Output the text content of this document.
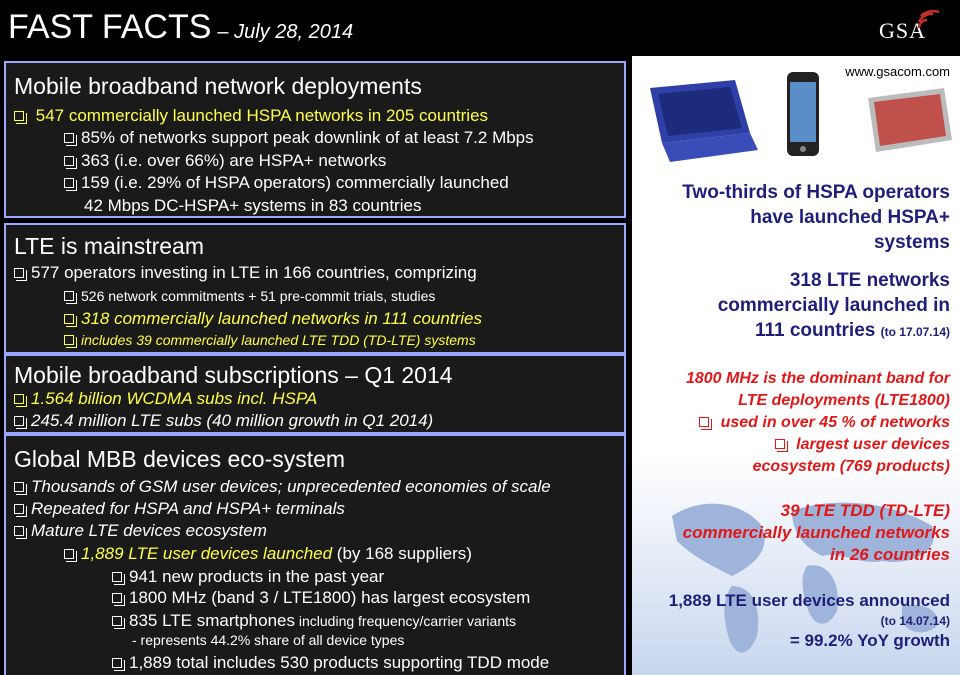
FAST FACTS – July 28, 2014	GSA
Mobile broadband network deployments
547 commercially launched HSPA networks in 205 countries
85% of networks support peak downlink of at least 7.2 Mbps
363 (i.e. over 66%) are HSPA+ networks
159 (i.e. 29% of HSPA operators) commercially launched
42 Mbps DC-HSPA+ systems in 83 countries
LTE is mainstream
577 operators investing in LTE in 166 countries, comprizing
526 network commitments + 51 pre-commit trials, studies
318 commercially launched networks in 111 countries
includes 39 commercially launched LTE TDD (TD-LTE) systems
Mobile broadband subscriptions – Q1 2014
1.564 billion WCDMA subs incl. HSPA
245.4 million LTE subs (40 million growth in Q1 2014)
Global MBB devices eco-system
Thousands of GSM user devices; unprecedented economies of scale
Repeated for HSPA and HSPA+ terminals
Mature LTE devices ecosystem
1,889 LTE user devices launched (by 168 suppliers)
941 new products in the past year
1800 MHz (band 3 / LTE1800) has largest ecosystem
835 LTE smartphones including frequency/carrier variants
- represents 44.2% share of all device types
1,889 total includes 530 products supporting TDD mode
www.gsacom.com
Two-thirds of HSPA operators
have launched HSPA+
systems
318 LTE networks
commercially launched in
111 countries (to 17.07.14)
1800 MHz is the dominant band for
LTE deployments (LTE1800)
used in over 45 % of networks
largest user devices
ecosystem (769 products)
39 LTE TDD (TD-LTE)
commercially launched networks
in 26 countries
1,889 LTE user devices announced
(to 14.07.14)
= 99.2% YoY growth
